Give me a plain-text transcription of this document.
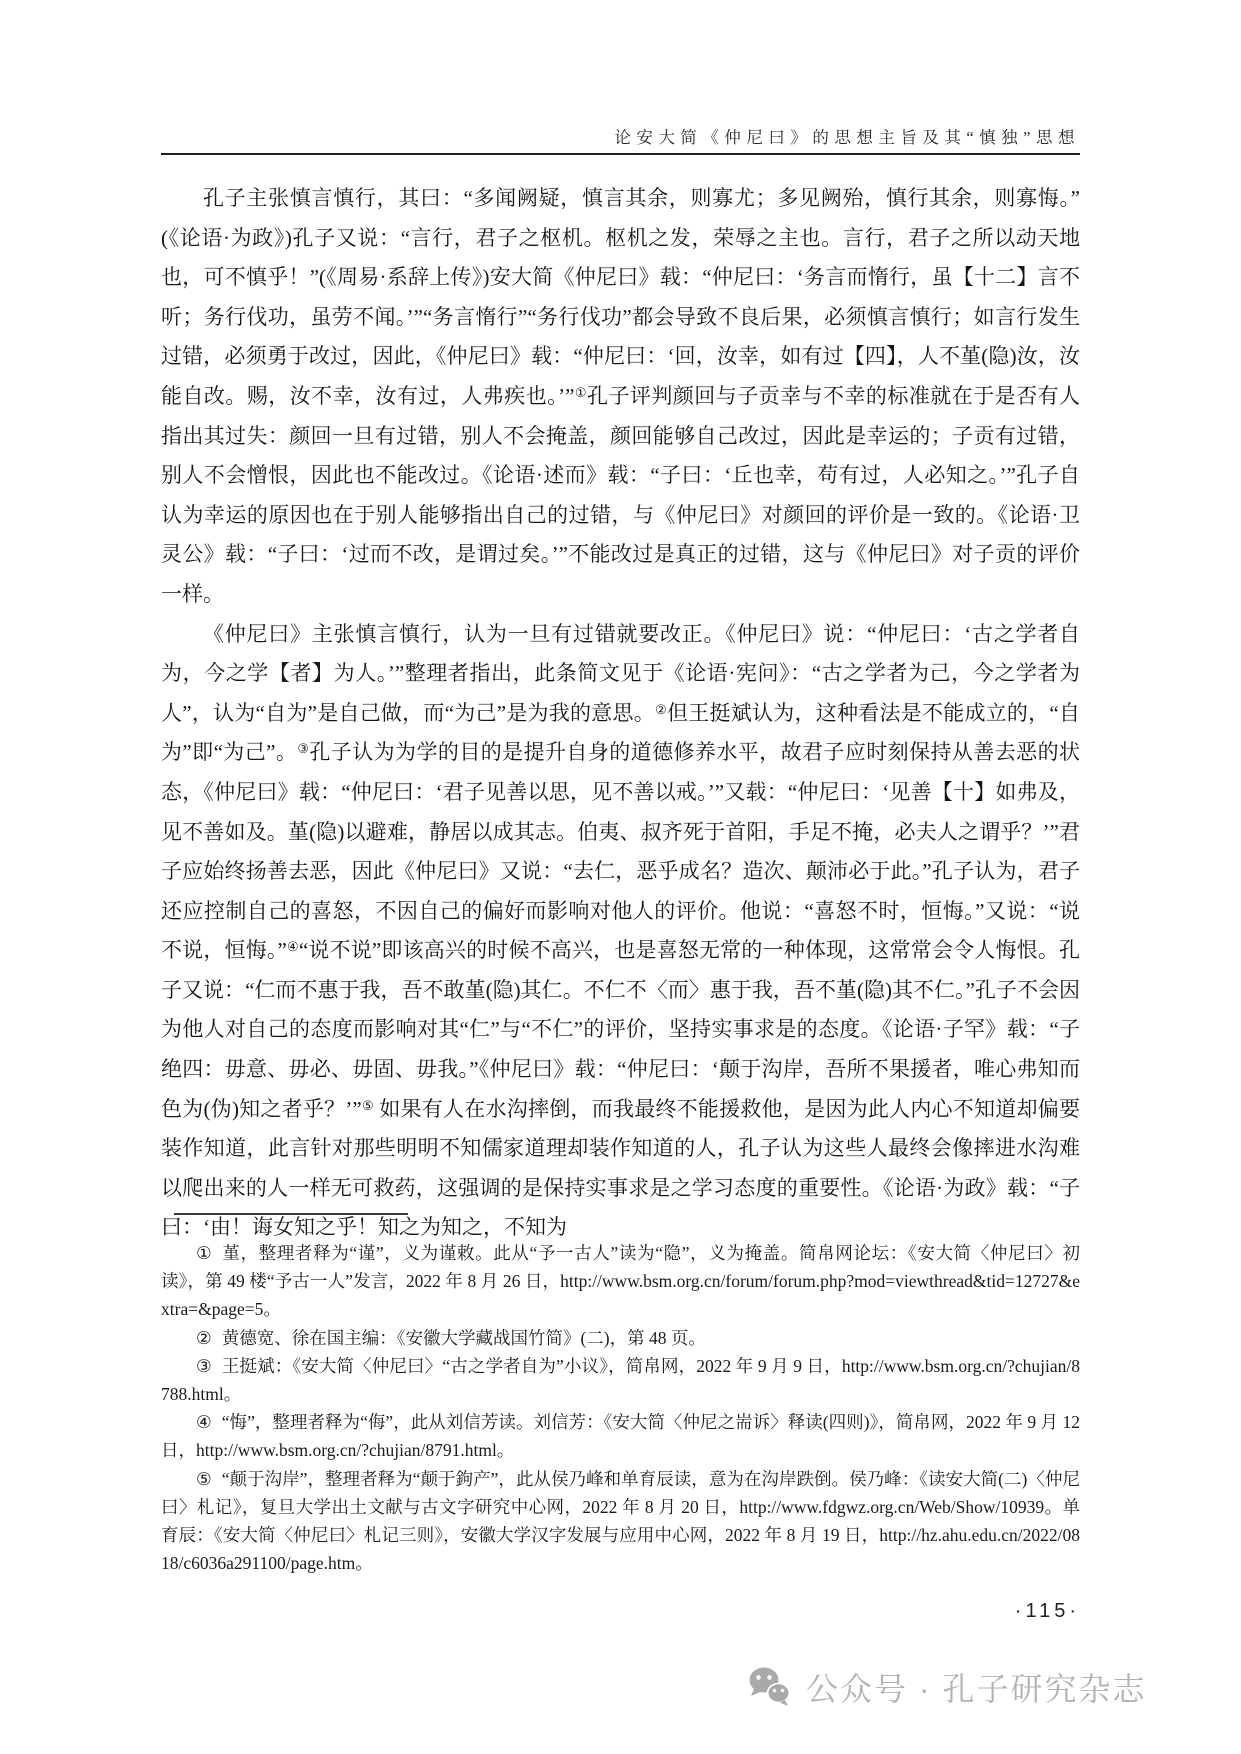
论安大简《仲尼曰》的思想主旨及其“慎独”思想

孔子主张慎言慎行，其曰：“多闻阙疑，慎言其余，则寡尤；多见阙殆，慎行其余，则寡悔。”(《论语·为政》)孔子又说：“言行，君子之枢机。枢机之发，荣辱之主也。言行，君子之所以动天地也，可不慎乎！”(《周易·系辞上传》)安大简《仲尼曰》载：“仲尼曰：‘务言而惰行，虽【十二】言不听；务行伐功，虽劳不闻。’”“务言惰行”“务行伐功”都会导致不良后果，必须慎言慎行；如言行发生过错，必须勇于改过，因此，《仲尼曰》载：“仲尼曰：‘回，汝幸，如有过【四】，人不堇(隐)汝，汝能自改。赐，汝不幸，汝有过，人弗疾也。’”①孔子评判颜回与子贡幸与不幸的标准就在于是否有人指出其过失：颜回一旦有过错，别人不会掩盖，颜回能够自己改过，因此是幸运的；子贡有过错，别人不会憎恨，因此也不能改过。《论语·述而》载：“子曰：‘丘也幸，苟有过，人必知之。’”孔子自认为幸运的原因也在于别人能够指出自己的过错，与《仲尼曰》对颜回的评价是一致的。《论语·卫灵公》载：“子曰：‘过而不改，是谓过矣。’”不能改过是真正的过错，这与《仲尼曰》对子贡的评价一样。

《仲尼曰》主张慎言慎行，认为一旦有过错就要改正。《仲尼曰》说：“仲尼曰：‘古之学者自为，今之学【者】为人。’”整理者指出，此条简文见于《论语·宪问》：“古之学者为己，今之学者为人”，认为“自为”是自己做，而“为己”是为我的意思。②但王挺斌认为，这种看法是不能成立的，“自为”即“为己”。③孔子认为为学的目的是提升自身的道德修养水平，故君子应时刻保持从善去恶的状态，《仲尼曰》载：“仲尼曰：‘君子见善以思，见不善以戒。’”又载：“仲尼曰：‘见善【十】如弗及，见不善如及。堇(隐)以避难，静居以成其志。伯夷、叔齐死于首阳，手足不掩，必夫人之谓乎？’”君子应始终扬善去恶，因此《仲尼曰》又说：“去仁，恶乎成名？造次、颠沛必于此。”孔子认为，君子还应控制自己的喜怒，不因自己的偏好而影响对他人的评价。他说：“喜怒不时，恒悔。”又说：“说不说，恒悔。”④“说不说”即该高兴的时候不高兴，也是喜怒无常的一种体现，这常常会令人悔恨。孔子又说：“仁而不惠于我，吾不敢堇(隐)其仁。不仁不〈而〉惠于我，吾不堇(隐)其不仁。”孔子不会因为他人对自己的态度而影响对其“仁”与“不仁”的评价，坚持实事求是的态度。《论语·子罕》载：“子绝四：毋意、毋必、毋固、毋我。”《仲尼曰》载：“仲尼曰：‘颠于沟岸，吾所不果援者，唯心弗知而色为(伪)知之者乎？’”⑤ 如果有人在水沟摔倒，而我最终不能援救他，是因为此人内心不知道却偏要装作知道，此言针对那些明明不知儒家道理却装作知道的人，孔子认为这些人最终会像摔进水沟难以爬出来的人一样无可救药，这强调的是保持实事求是之学习态度的重要性。《论语·为政》载：“子曰：‘由！诲女知之乎！知之为知之，不知为

① 堇，整理者释为“谨”，义为谨敕。此从“予一古人”读为“隐”，义为掩盖。简帛网论坛：《安大简〈仲尼曰〉初读》，第 49 楼“予古一人”发言，2022 年 8 月 26 日，http://www.bsm.org.cn/forum/forum.php?mod=viewthread&tid=12727&extra=&page=5。

② 黄德宽、徐在国主编：《安徽大学藏战国竹简》(二)，第 48 页。

③ 王挺斌：《安大简〈仲尼曰〉“古之学者自为”小议》，简帛网，2022 年 9 月 9 日，http://www.bsm.org.cn/?chujian/8788.html。

④ “悔”，整理者释为“侮”，此从刘信芳读。刘信芳：《安大简〈仲尼之耑诉〉释读(四则)》，简帛网，2022 年 9 月 12 日，http://www.bsm.org.cn/?chujian/8791.html。

⑤ “颠于沟岸”，整理者释为“颠于鉤产”，此从侯乃峰和单育辰读，意为在沟岸跌倒。侯乃峰：《读安大简(二)〈仲尼曰〉札记》，复旦大学出土文献与古文字研究中心网，2022 年 8 月 20 日，http://www.fdgwz.org.cn/Web/Show/10939。单育辰：《安大简〈仲尼曰〉札记三则》，安徽大学汉字发展与应用中心网，2022 年 8 月 19 日，http://hz.ahu.edu.cn/2022/0818/c6036a291100/page.htm。

·115·
公众号 · 孔子研究杂志
